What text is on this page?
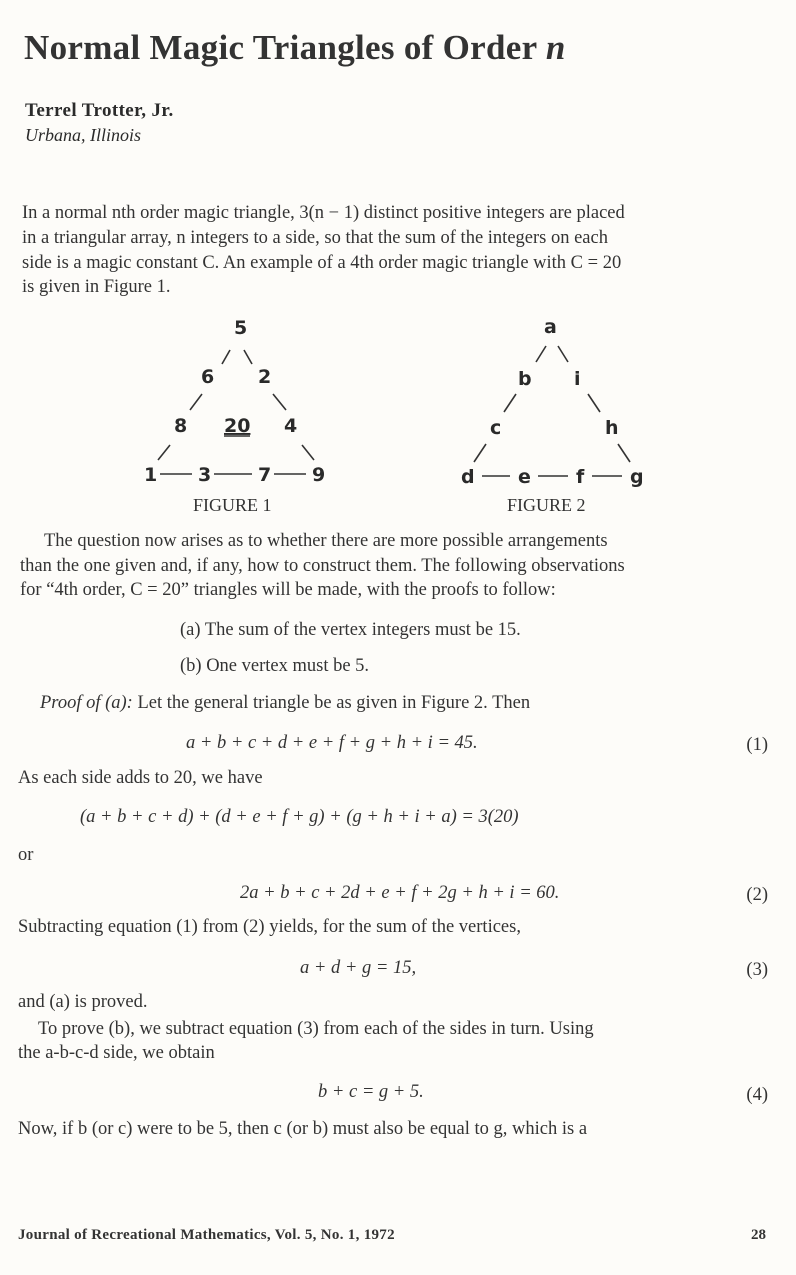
Normal Magic Triangles of Order n
Terrel Trotter, Jr.
Urbana, Illinois
In a normal nth order magic triangle, 3(n − 1) distinct positive integers are placed
in a triangular array, n integers to a side, so that the sum of the integers on each
side is a magic constant C. An example of a 4th order magic triangle with C = 20
is given in Figure 1.
5
6 2
8 20 4
1 3 7 9
FIGURE 1
a
b i
c	h
d e f g
FIGURE 2
The question now arises as to whether there are more possible arrangements
than the one given and, if any, how to construct them. The following observations
for “4th order, C = 20” triangles will be made, with the proofs to follow:
(a) The sum of the vertex integers must be 15.
(b) One vertex must be 5.
Proof of (a): Let the general triangle be as given in Figure 2. Then
a + b + c + d + e + f + g + h + i = 45.	(1)
As each side adds to 20, we have
(a + b + c + d) + (d + e + f + g) + (g + h + i + a) = 3(20)
or
2a + b + c + 2d + e + f + 2g + h + i = 60.	(2)
Subtracting equation (1) from (2) yields, for the sum of the vertices,
a + d + g = 15,	(3)
and (a) is proved.
To prove (b), we subtract equation (3) from each of the sides in turn. Using
the a-b-c-d side, we obtain
b + c = g + 5.	(4)
Now, if b (or c) were to be 5, then c (or b) must also be equal to g, which is a
Journal of Recreational Mathematics, Vol. 5, No. 1, 1972	28
